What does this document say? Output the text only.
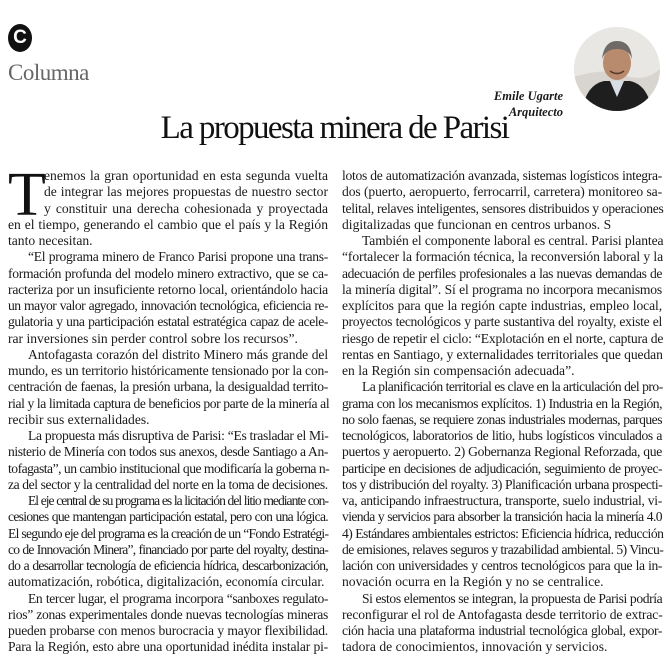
C
Columna
Emile Ugarte
Arquitecto
La propuesta minera de Parisi
T
enemos la gran oportunidad en esta segunda vuelta
de integrar las mejores propuestas de nuestro sector
y constituir una derecha cohesionada y proyectada
en el tiempo, generando el cambio que el país y la Región
tanto necesitan.
“El programa minero de Franco Parisi propone una trans-
formación profunda del modelo minero extractivo, que se ca-
racteriza por un insuficiente retorno local, orientándolo hacia
un mayor valor agregado, innovación tecnológica, eficiencia re-
gulatoria y una participación estatal estratégica capaz de acele-
rar inversiones sin perder control sobre los recursos”.
Antofagasta corazón del distrito Minero más grande del
mundo, es un territorio históricamente tensionado por la con-
centración de faenas, la presión urbana, la desigualdad territo-
rial y la limitada captura de beneficios por parte de la minería al
recibir sus externalidades.
La propuesta más disruptiva de Parisi: “Es trasladar el Mi-
nisterio de Minería con todos sus anexos, desde Santiago a An-
tofagasta”, un cambio institucional que modificaría la goberna n-
za del sector y la centralidad del norte en la toma de decisiones.
El eje central de su programa es la licitación del litio mediante con-
cesiones que mantengan participación estatal, pero con una lógica.
El segundo eje del programa es la creación de un “Fondo Estratégi-
co de Innovación Minera”, financiado por parte del royalty, destina-
do a desarrollar tecnología de eficiencia hídrica, descarbonización,
automatización, robótica, digitalización, economía circular.
En tercer lugar, el programa incorpora “sanboxes regulato-
rios” zonas experimentales donde nuevas tecnologías mineras
pueden probarse con menos burocracia y mayor flexibilidad.
Para la Región, esto abre una oportunidad inédita instalar pi-
lotos de automatización avanzada, sistemas logísticos integra-
dos (puerto, aeropuerto, ferrocarril, carretera) monitoreo sa-
telital, relaves inteligentes, sensores distribuidos y operaciones
digitalizadas que funcionan en centros urbanos. S
También el componente laboral es central. Parisi plantea
“fortalecer la formación técnica, la reconversión laboral y la
adecuación de perfiles profesionales a las nuevas demandas de
la minería digital”. Sí el programa no incorpora mecanismos
explícitos para que la región capte industrias, empleo local,
proyectos tecnológicos y parte sustantiva del royalty, existe el
riesgo de repetir el ciclo: “Explotación en el norte, captura de
rentas en Santiago, y externalidades territoriales que quedan
en la Región sin compensación adecuada”.
La planificación territorial es clave en la articulación del pro-
grama con los mecanismos explícitos. 1) Industria en la Región,
no solo faenas, se requiere zonas industriales modernas, parques
tecnológicos, laboratorios de litio, hubs logísticos vinculados a
puertos y aeropuerto. 2) Gobernanza Regional Reforzada, que
participe en decisiones de adjudicación, seguimiento de proyec-
tos y distribución del royalty. 3) Planificación urbana prospecti-
va, anticipando infraestructura, transporte, suelo industrial, vi-
vienda y servicios para absorber la transición hacia la minería 4.0
4) Estándares ambientales estrictos: Eficiencia hídrica, reducción
de emisiones, relaves seguros y trazabilidad ambiental. 5) Vincu-
lación con universidades y centros tecnológicos para que la in-
novación ocurra en la Región y no se centralice.
Si estos elementos se integran, la propuesta de Parisi podría
reconfigurar el rol de Antofagasta desde territorio de extrac-
ción hacia una plataforma industrial tecnológica global, expor-
tadora de conocimientos, innovación y servicios.
